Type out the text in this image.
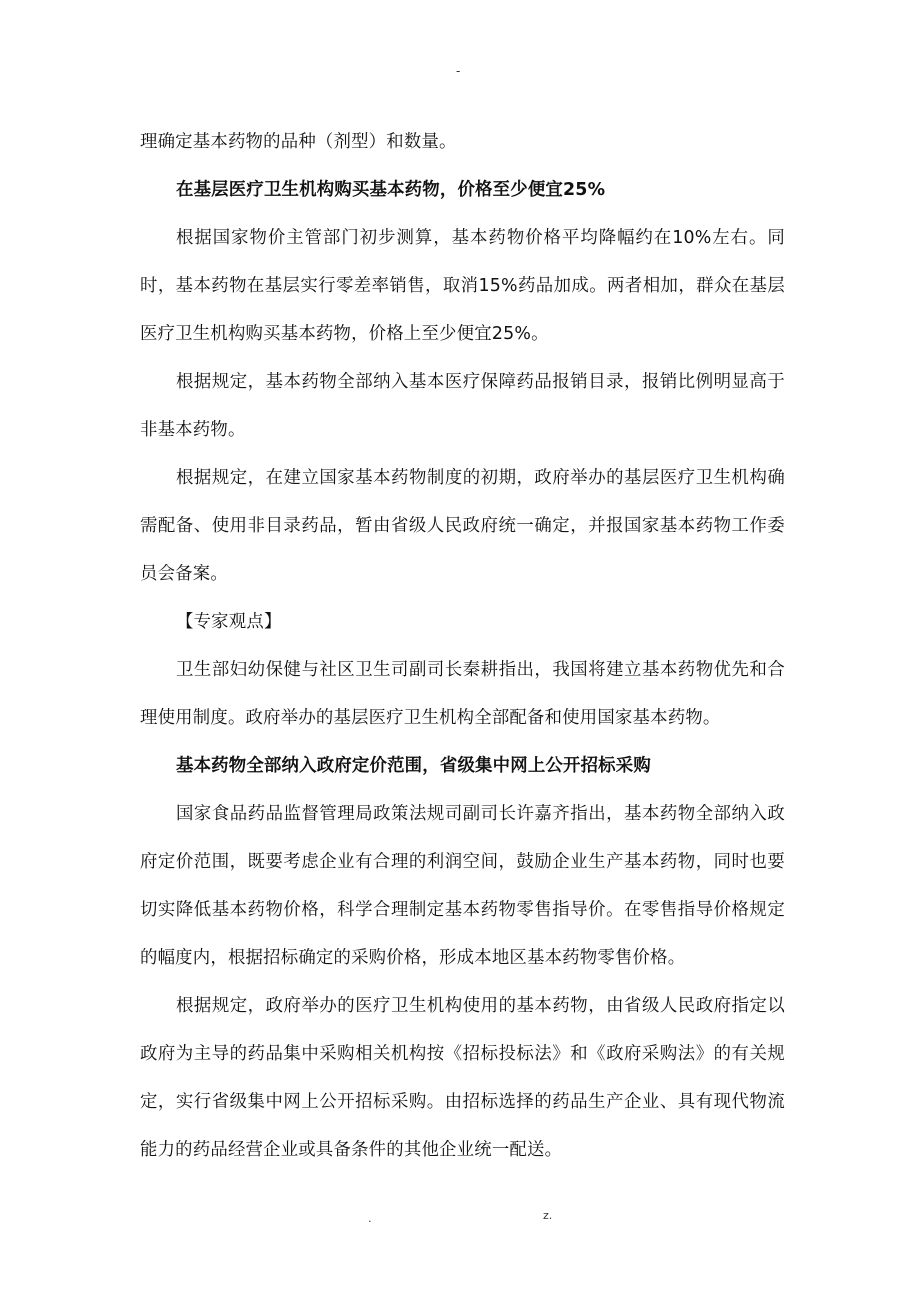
-

理确定基本药物的品种（剂型）和数量。

在基层医疗卫生机构购买基本药物，价格至少便宜25%

根据国家物价主管部门初步测算，基本药物价格平均降幅约在10%左右。同时，基本药物在基层实行零差率销售，取消15%药品加成。两者相加，群众在基层医疗卫生机构购买基本药物，价格上至少便宜25%。

根据规定，基本药物全部纳入基本医疗保障药品报销目录，报销比例明显高于非基本药物。

根据规定，在建立国家基本药物制度的初期，政府举办的基层医疗卫生机构确需配备、使用非目录药品，暂由省级人民政府统一确定，并报国家基本药物工作委员会备案。

【专家观点】

卫生部妇幼保健与社区卫生司副司长秦耕指出，我国将建立基本药物优先和合理使用制度。政府举办的基层医疗卫生机构全部配备和使用国家基本药物。

基本药物全部纳入政府定价范围，省级集中网上公开招标采购

国家食品药品监督管理局政策法规司副司长许嘉齐指出，基本药物全部纳入政府定价范围，既要考虑企业有合理的利润空间，鼓励企业生产基本药物，同时也要切实降低基本药物价格，科学合理制定基本药物零售指导价。在零售指导价格规定的幅度内，根据招标确定的采购价格，形成本地区基本药物零售价格。

根据规定，政府举办的医疗卫生机构使用的基本药物，由省级人民政府指定以政府为主导的药品集中采购相关机构按《招标投标法》和《政府采购法》的有关规定，实行省级集中网上公开招标采购。由招标选择的药品生产企业、具有现代物流能力的药品经营企业或具备条件的其他企业统一配送。

.	z.
